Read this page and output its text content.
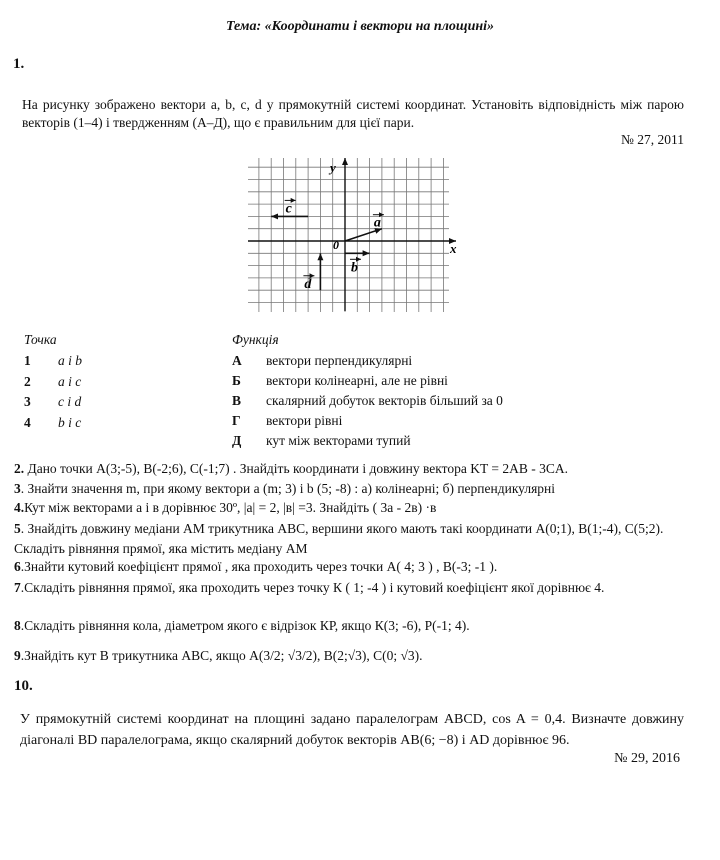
Тема: «Координати і вектори на площині»
1.
На рисунку зображено вектори a, b, c, d у прямокутній системі координат. Установіть відповідність між парою векторів (1–4) і твердженням (А–Д), що є правильним для цієї пари.
№ 27, 2011
x
y
0
a
b
c
d
Точка	Функція
1 a і b
2 a і c
3 c і d
4 b і c
А вектори перпендикулярні
Б вектори колінеарні, але не рівні
В скалярний добуток векторів більший за 0
Г вектори рівні
Д кут між векторами тупий
2. Дано точки A(3;-5), B(-2;6), C(-1;7) . Знайдіть координати і довжину вектора KT = 2AB - 3CA.
3. Знайти значення m, при якому вектори a (m; 3) і b (5; -8) : а) колінеарні; б) перпендикулярні
4.Кут між векторами a і в дорівнює 30º, |a| = 2, |в| =3. Знайдіть ( 3a - 2в) ·в
5. Знайдіть довжину медіани АМ трикутника АВС, вершини якого мають такі координати А(0;1), В(1;-4), С(5;2). Складіть рівняння прямої, яка містить медіану АМ
6.Знайти кутовий коефіцієнт прямої , яка проходить через точки А( 4; 3 ) , В(-3; -1 ).
7.Складіть рівняння прямої, яка проходить через точку К ( 1; -4 ) і кутовий коефіцієнт якої дорівнює 4.
8.Складіть рівняння кола, діаметром якого є відрізок КР, якщо К(3; -6), Р(-1; 4).
9.Знайдіть кут В трикутника АВС, якщо А(3/2; √3/2), В(2;√3), С(0; √3).
10.
У прямокутній системі координат на площині задано паралелограм ABCD, cos A = 0,4. Визначте довжину діагоналі BD паралелограма, якщо скалярний добуток векторів AB(6; −8) і AD дорівнює 96.
№ 29, 2016
